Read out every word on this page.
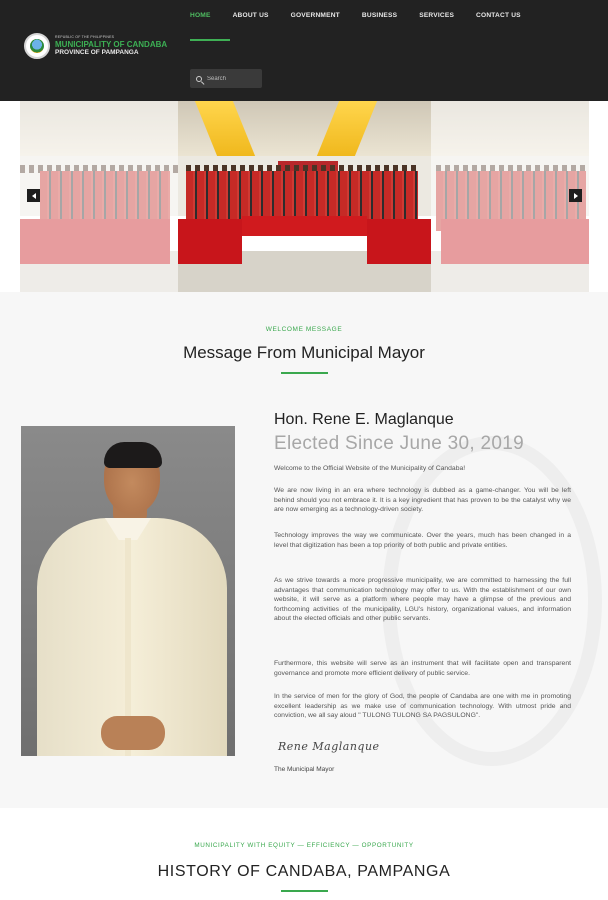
REPUBLIC OF THE PHILIPPINES
MUNICIPALITY OF CANDABA
PROVINCE OF PAMPANGA
HOME	ABOUT US	GOVERNMENT	BUSINESS	SERVICES	CONTACT US
Search
WELCOME MESSAGE
Message From Municipal Mayor
Hon. Rene E. Maglanque
Elected Since June 30, 2019

Welcome to the Official Website of the Municipality of Candaba!

We are now living in an era where technology is dubbed as a game-changer. You will be left behind should you not embrace it. It is a key ingredient that has proven to be the catalyst why we are now emerging as a technology-driven society.

Technology improves the way we communicate. Over the years, much has been changed in a level that digitization has been a top priority of both public and private entities.

As we strive towards a more progressive municipality, we are committed to harnessing the full advantages that communication technology may offer to us. With the establishment of our own website, it will serve as a platform where people may have a glimpse of the previous and forthcoming activities of the municipality, LGU's history, organizational values, and information about the elected officials and other public servants.

Furthermore, this website will serve as an instrument that will facilitate open and transparent governance and promote more efficient delivery of public service.

In the service of men for the glory of God, the people of Candaba are one with me in promoting excellent leadership as we make use of communication technology. With utmost pride and conviction, we all say aloud " TULONG TULONG SA PAGSULONG".

Rene Maglanque
The Municipal Mayor
MUNICIPALITY WITH EQUITY — EFFICIENCY — OPPORTUNITY
HISTORY OF CANDABA, PAMPANGA
